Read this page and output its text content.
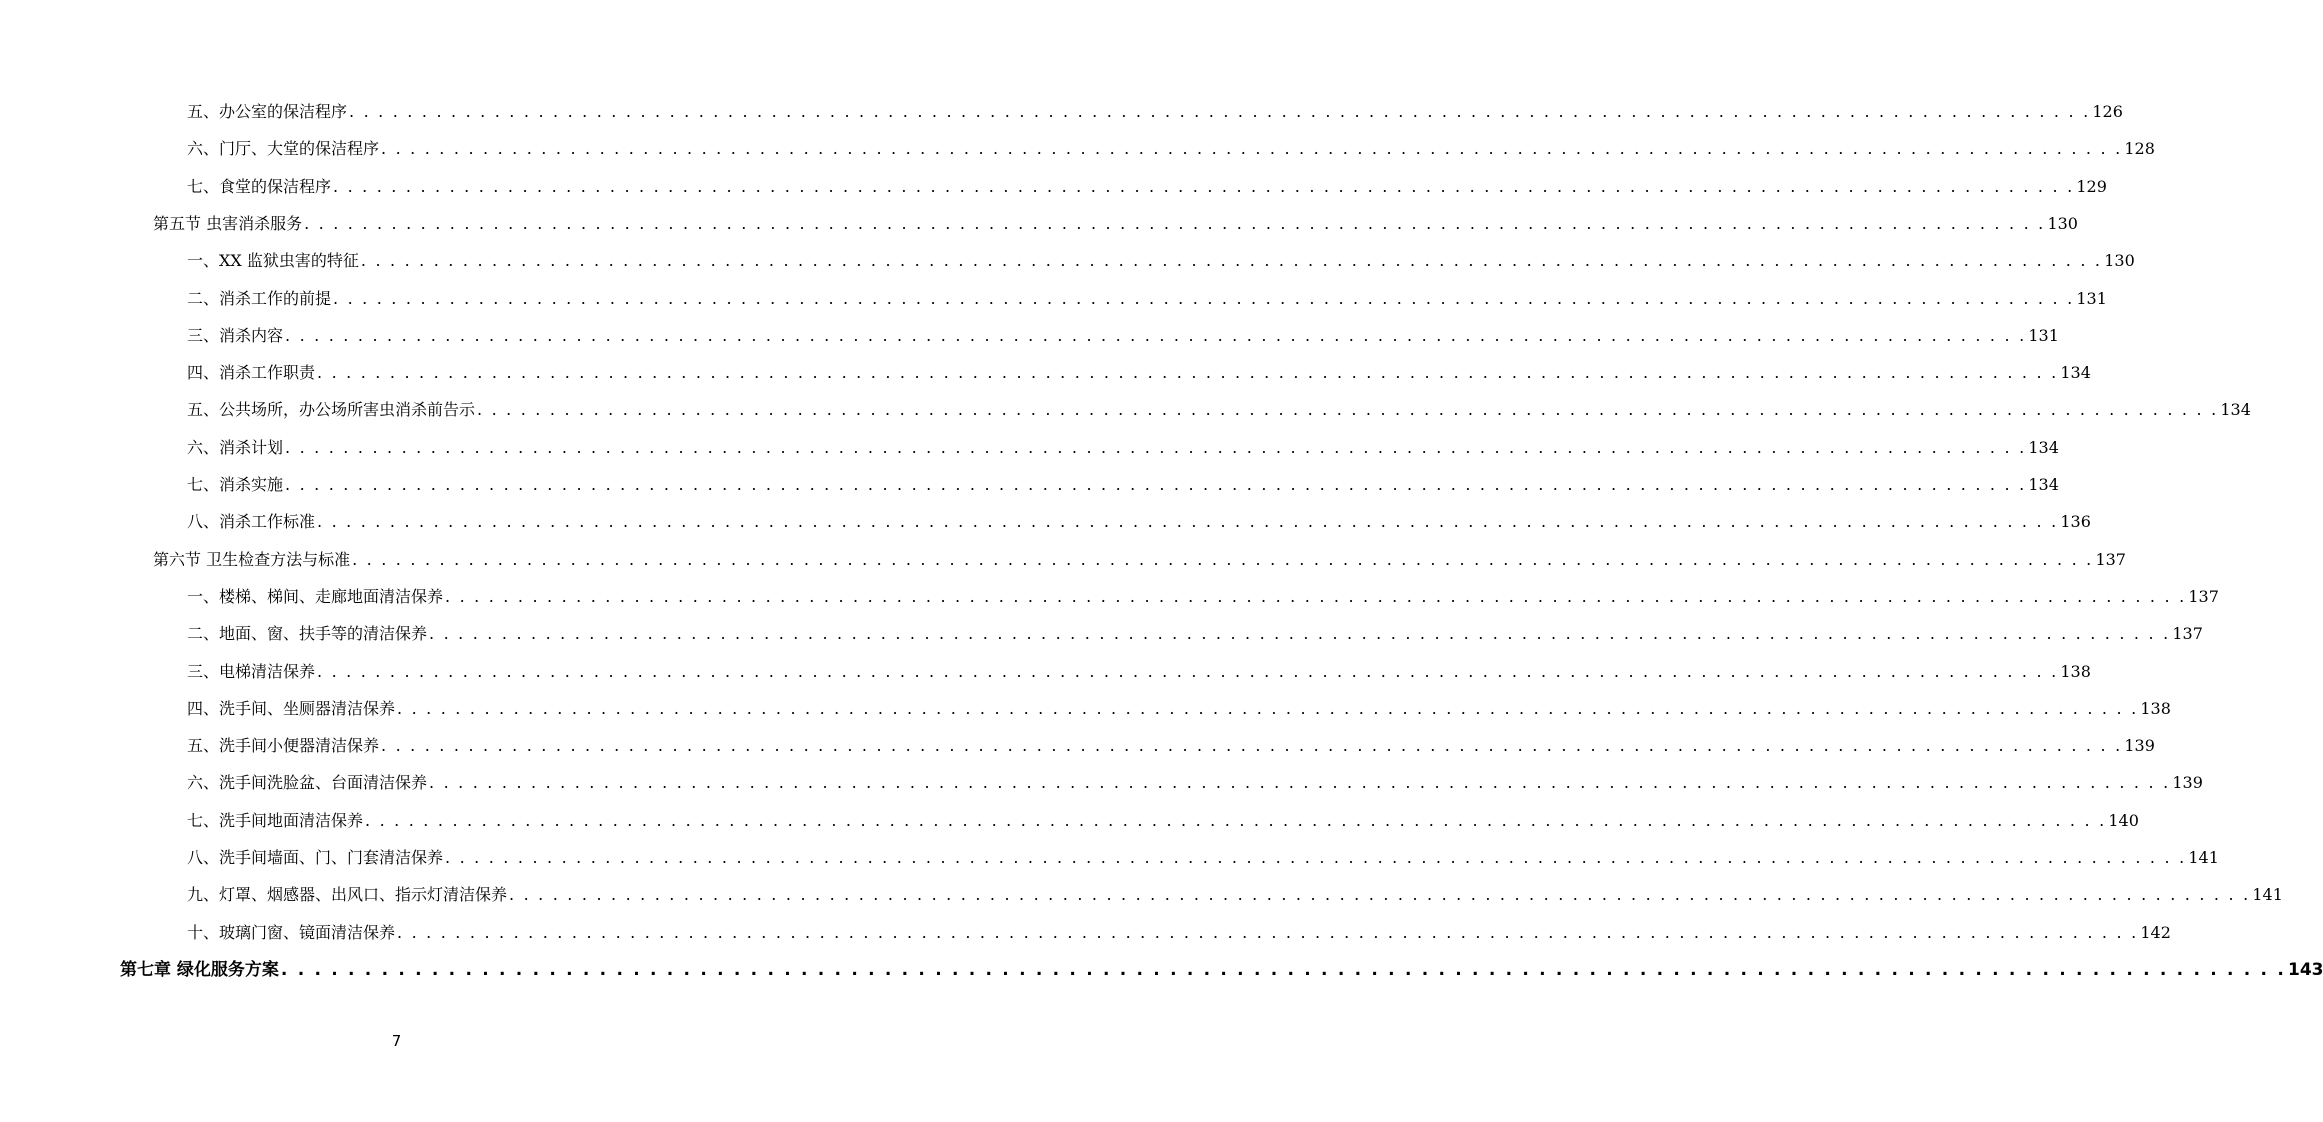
五、办公室的保洁程序 . . . . . . . . . . . . . . . . . . . . . . . . . . . . . . . . . . . . . . . . . . . . . . . . . . . . . . . . . . . . . . . . . . . . . . . . . . . . . . . . . . . . . . . . . . . . . . . . . . . . . . . . . . . . . . . . . . . . . . . . 126
六、门厅、大堂的保洁程序 . . . . . . . . . . . . . . . . . . . . . . . . . . . . . . . . . . . . . . . . . . . . . . . . . . . . . . . . . . . . . . . . . . . . . . . . . . . . . . . . . . . . . . . . . . . . . . . . . . . . . . . . . . . . . . . . . . . . . . . . 128
七、食堂的保洁程序 . . . . . . . . . . . . . . . . . . . . . . . . . . . . . . . . . . . . . . . . . . . . . . . . . . . . . . . . . . . . . . . . . . . . . . . . . . . . . . . . . . . . . . . . . . . . . . . . . . . . . . . . . . . . . . . . . . . . . . . . 129
第五节 虫害消杀服务 . . . . . . . . . . . . . . . . . . . . . . . . . . . . . . . . . . . . . . . . . . . . . . . . . . . . . . . . . . . . . . . . . . . . . . . . . . . . . . . . . . . . . . . . . . . . . . . . . . . . . . . . . . . . . . . . . . . . . . . . 130
一、XX 监狱虫害的特征 . . . . . . . . . . . . . . . . . . . . . . . . . . . . . . . . . . . . . . . . . . . . . . . . . . . . . . . . . . . . . . . . . . . . . . . . . . . . . . . . . . . . . . . . . . . . . . . . . . . . . . . . . . . . . . . . . . . . . . . . 130
二、消杀工作的前提 . . . . . . . . . . . . . . . . . . . . . . . . . . . . . . . . . . . . . . . . . . . . . . . . . . . . . . . . . . . . . . . . . . . . . . . . . . . . . . . . . . . . . . . . . . . . . . . . . . . . . . . . . . . . . . . . . . . . . . . . 131
三、消杀内容 . . . . . . . . . . . . . . . . . . . . . . . . . . . . . . . . . . . . . . . . . . . . . . . . . . . . . . . . . . . . . . . . . . . . . . . . . . . . . . . . . . . . . . . . . . . . . . . . . . . . . . . . . . . . . . . . . . . . . . . . 131
四、消杀工作职责 . . . . . . . . . . . . . . . . . . . . . . . . . . . . . . . . . . . . . . . . . . . . . . . . . . . . . . . . . . . . . . . . . . . . . . . . . . . . . . . . . . . . . . . . . . . . . . . . . . . . . . . . . . . . . . . . . . . . . . . . 134
五、公共场所，办公场所害虫消杀前告示 . . . . . . . . . . . . . . . . . . . . . . . . . . . . . . . . . . . . . . . . . . . . . . . . . . . . . . . . . . . . . . . . . . . . . . . . . . . . . . . . . . . . . . . . . . . . . . . . . . . . . . . . . . . . . . . . . . . . . . . . 134
六、消杀计划 . . . . . . . . . . . . . . . . . . . . . . . . . . . . . . . . . . . . . . . . . . . . . . . . . . . . . . . . . . . . . . . . . . . . . . . . . . . . . . . . . . . . . . . . . . . . . . . . . . . . . . . . . . . . . . . . . . . . . . . . 134
七、消杀实施 . . . . . . . . . . . . . . . . . . . . . . . . . . . . . . . . . . . . . . . . . . . . . . . . . . . . . . . . . . . . . . . . . . . . . . . . . . . . . . . . . . . . . . . . . . . . . . . . . . . . . . . . . . . . . . . . . . . . . . . . 134
八、消杀工作标准 . . . . . . . . . . . . . . . . . . . . . . . . . . . . . . . . . . . . . . . . . . . . . . . . . . . . . . . . . . . . . . . . . . . . . . . . . . . . . . . . . . . . . . . . . . . . . . . . . . . . . . . . . . . . . . . . . . . . . . . . 136
第六节 卫生检查方法与标准 . . . . . . . . . . . . . . . . . . . . . . . . . . . . . . . . . . . . . . . . . . . . . . . . . . . . . . . . . . . . . . . . . . . . . . . . . . . . . . . . . . . . . . . . . . . . . . . . . . . . . . . . . . . . . . . . . . . . . . . . 137
一、楼梯、梯间、走廊地面清洁保养 . . . . . . . . . . . . . . . . . . . . . . . . . . . . . . . . . . . . . . . . . . . . . . . . . . . . . . . . . . . . . . . . . . . . . . . . . . . . . . . . . . . . . . . . . . . . . . . . . . . . . . . . . . . . . . . . . . . . . . . . 137
二、地面、窗、扶手等的清洁保养 . . . . . . . . . . . . . . . . . . . . . . . . . . . . . . . . . . . . . . . . . . . . . . . . . . . . . . . . . . . . . . . . . . . . . . . . . . . . . . . . . . . . . . . . . . . . . . . . . . . . . . . . . . . . . . . . . . . . . . . . 137
三、电梯清洁保养 . . . . . . . . . . . . . . . . . . . . . . . . . . . . . . . . . . . . . . . . . . . . . . . . . . . . . . . . . . . . . . . . . . . . . . . . . . . . . . . . . . . . . . . . . . . . . . . . . . . . . . . . . . . . . . . . . . . . . . . . 138
四、洗手间、坐厕器清洁保养 . . . . . . . . . . . . . . . . . . . . . . . . . . . . . . . . . . . . . . . . . . . . . . . . . . . . . . . . . . . . . . . . . . . . . . . . . . . . . . . . . . . . . . . . . . . . . . . . . . . . . . . . . . . . . . . . . . . . . . . . 138
五、洗手间小便器清洁保养 . . . . . . . . . . . . . . . . . . . . . . . . . . . . . . . . . . . . . . . . . . . . . . . . . . . . . . . . . . . . . . . . . . . . . . . . . . . . . . . . . . . . . . . . . . . . . . . . . . . . . . . . . . . . . . . . . . . . . . . . 139
六、洗手间洗脸盆、台面清洁保养 . . . . . . . . . . . . . . . . . . . . . . . . . . . . . . . . . . . . . . . . . . . . . . . . . . . . . . . . . . . . . . . . . . . . . . . . . . . . . . . . . . . . . . . . . . . . . . . . . . . . . . . . . . . . . . . . . . . . . . . . 139
七、洗手间地面清洁保养 . . . . . . . . . . . . . . . . . . . . . . . . . . . . . . . . . . . . . . . . . . . . . . . . . . . . . . . . . . . . . . . . . . . . . . . . . . . . . . . . . . . . . . . . . . . . . . . . . . . . . . . . . . . . . . . . . . . . . . . . 140
八、洗手间墙面、门、门套清洁保养 . . . . . . . . . . . . . . . . . . . . . . . . . . . . . . . . . . . . . . . . . . . . . . . . . . . . . . . . . . . . . . . . . . . . . . . . . . . . . . . . . . . . . . . . . . . . . . . . . . . . . . . . . . . . . . . . . . . . . . . . 141
九、灯罩、烟感器、出风口、指示灯清洁保养 . . . . . . . . . . . . . . . . . . . . . . . . . . . . . . . . . . . . . . . . . . . . . . . . . . . . . . . . . . . . . . . . . . . . . . . . . . . . . . . . . . . . . . . . . . . . . . . . . . . . . . . . . . . . . . . . . . . . . . . . 141
十、玻璃门窗、镜面清洁保养 . . . . . . . . . . . . . . . . . . . . . . . . . . . . . . . . . . . . . . . . . . . . . . . . . . . . . . . . . . . . . . . . . . . . . . . . . . . . . . . . . . . . . . . . . . . . . . . . . . . . . . . . . . . . . . . . . . . . . . . . 142
第七章 绿化服务方案 . . . . . . . . . . . . . . . . . . . . . . . . . . . . . . . . . . . . . . . . . . . . . . . . . . . . . . . . . . . . . . . . . . . . . . . . . . . . . . . . . . . . . . . . . . . . . . . . . . . . . . . . . . . . . . . . . . . . . . . . 143
7
